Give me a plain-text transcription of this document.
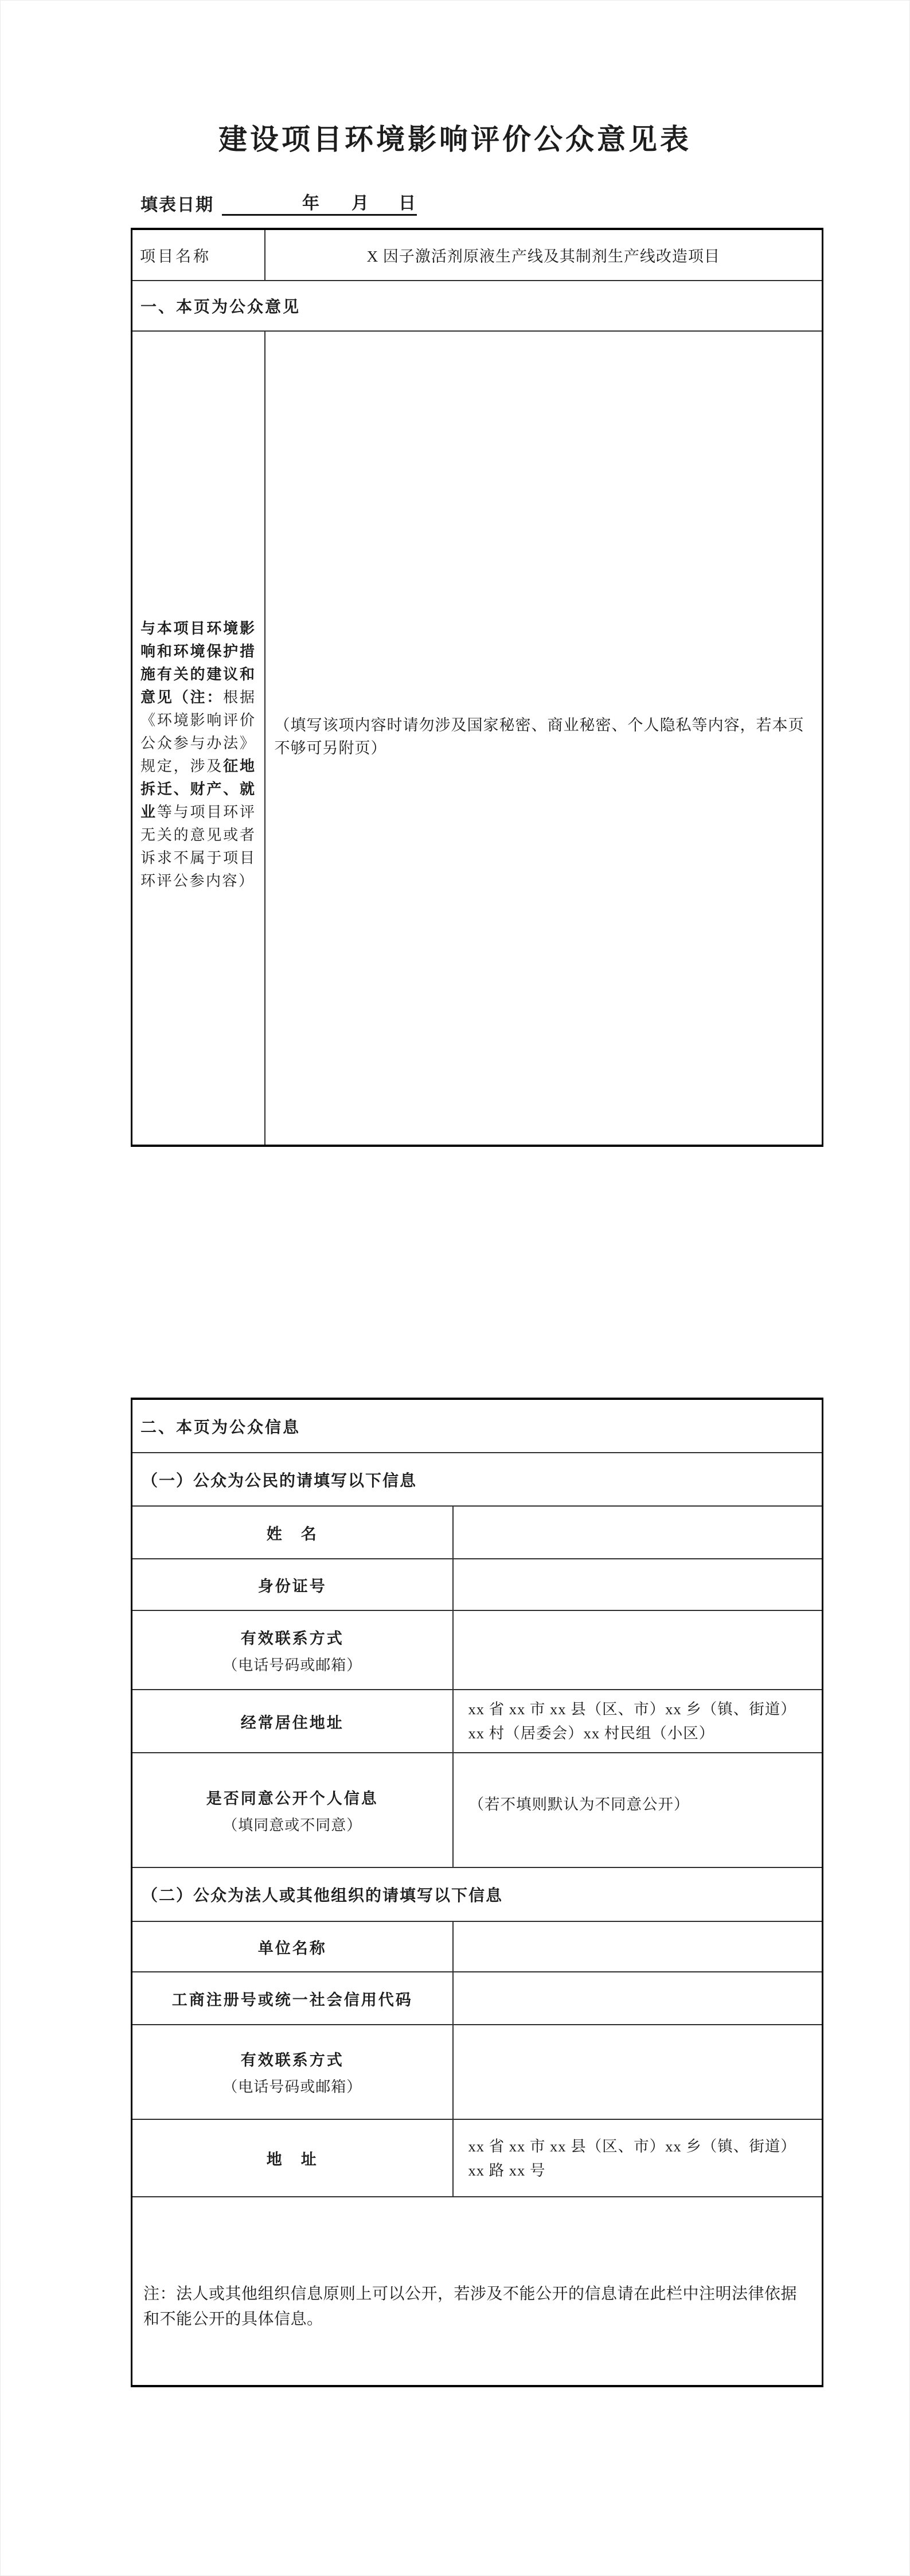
建设项目环境影响评价公众意见表
填表日期	年 月 日
项目名称	X 因子激活剂原液生产线及其制剂生产线改造项目
一、本页为公众意见	

与本项目环境影响和环境保护措施有关的建议和意见（注：根据《环境影响评价公众参与办法》规定，涉及征地拆迁、财产、就业等与项目环评无关的意见或者诉求不属于项目环评公参内容）	（填写该项内容时请勿涉及国家秘密、商业秘密、个人隐私等内容，若本页不够可另附页）
二、本页为公众信息	
（一）公众为公民的请填写以下信息	
姓　名	
身份证号	

有效联系方式
（电话号码或邮箱）	

经常居住地址	xx 省 xx 市 xx 县（区、市）xx 乡（镇、街道）xx 村（居委会）xx 村民组（小区）

是否同意公开个人信息
（填同意或不同意）	（若不填则默认为不同意公开）

（二）公众为法人或其他组织的请填写以下信息	
单位名称	
工商注册号或统一社会信用代码	

有效联系方式
（电话号码或邮箱）	

地　址	xx 省 xx 市 xx 县（区、市）xx 乡（镇、街道）xx 路 xx 号

注：法人或其他组织信息原则上可以公开，若涉及不能公开的信息请在此栏中注明法律依据和不能公开的具体信息。	
